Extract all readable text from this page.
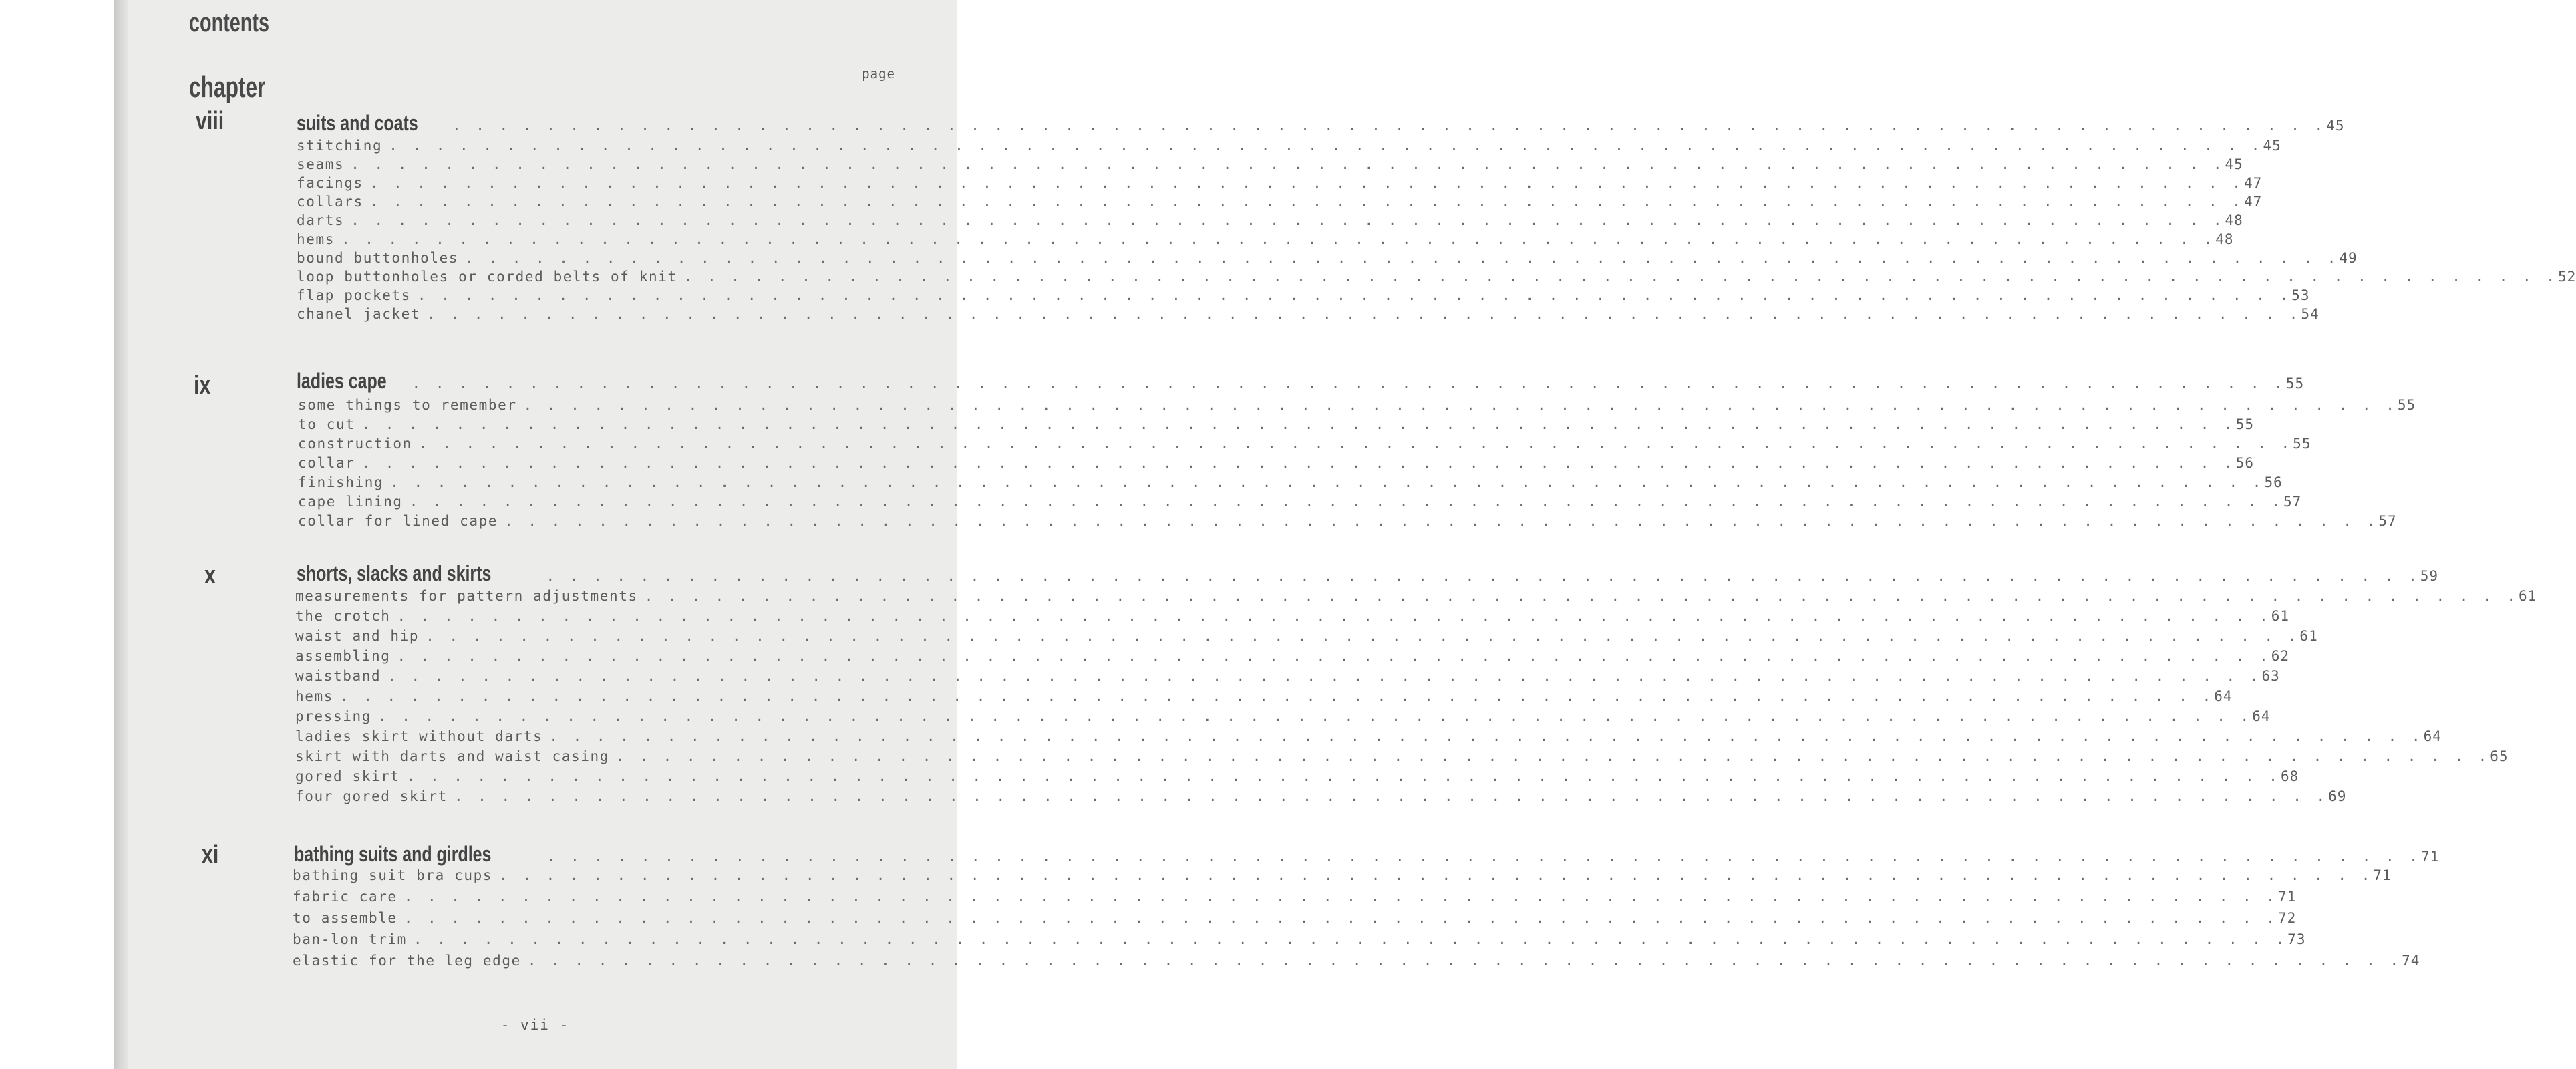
contents
chapter	page
viii	suits and coats . . . . . . . . . . . . . . . . . . . . . . . . . . . . . . . . . . . . . . . . . . . . . . . . . . . . . . . . . . . . . . . . . . . . . . . . . . . . . . . . 45
stitching . . . . . . . . . . . . . . . . . . . . . . . . . . . . . . . . . . . . . . . . . . . . . . . . . . . . . . . . . . . . . . . . . . . . . . . . . . . . . . . . 45
seams . . . . . . . . . . . . . . . . . . . . . . . . . . . . . . . . . . . . . . . . . . . . . . . . . . . . . . . . . . . . . . . . . . . . . . . . . . . . . . . . 45
facings . . . . . . . . . . . . . . . . . . . . . . . . . . . . . . . . . . . . . . . . . . . . . . . . . . . . . . . . . . . . . . . . . . . . . . . . . . . . . . . . 47
collars . . . . . . . . . . . . . . . . . . . . . . . . . . . . . . . . . . . . . . . . . . . . . . . . . . . . . . . . . . . . . . . . . . . . . . . . . . . . . . . . 47
darts . . . . . . . . . . . . . . . . . . . . . . . . . . . . . . . . . . . . . . . . . . . . . . . . . . . . . . . . . . . . . . . . . . . . . . . . . . . . . . . . 48
hems . . . . . . . . . . . . . . . . . . . . . . . . . . . . . . . . . . . . . . . . . . . . . . . . . . . . . . . . . . . . . . . . . . . . . . . . . . . . . . . . 48
bound buttonholes . . . . . . . . . . . . . . . . . . . . . . . . . . . . . . . . . . . . . . . . . . . . . . . . . . . . . . . . . . . . . . . . . . . . . . . . . . . . . . . . 49
loop buttonholes or corded belts of knit . . . . . . . . . . . . . . . . . . . . . . . . . . . . . . . . . . . . . . . . . . . . . . . . . . . . . . . . . . . . . . . . . . . . . . . . . . . . . . . . 52
flap pockets . . . . . . . . . . . . . . . . . . . . . . . . . . . . . . . . . . . . . . . . . . . . . . . . . . . . . . . . . . . . . . . . . . . . . . . . . . . . . . . . 53
chanel jacket . . . . . . . . . . . . . . . . . . . . . . . . . . . . . . . . . . . . . . . . . . . . . . . . . . . . . . . . . . . . . . . . . . . . . . . . . . . . . . . . 54
ix	ladies cape . . . . . . . . . . . . . . . . . . . . . . . . . . . . . . . . . . . . . . . . . . . . . . . . . . . . . . . . . . . . . . . . . . . . . . . . . . . . . . . . 55
some things to remember . . . . . . . . . . . . . . . . . . . . . . . . . . . . . . . . . . . . . . . . . . . . . . . . . . . . . . . . . . . . . . . . . . . . . . . . . . . . . . . . 55
to cut . . . . . . . . . . . . . . . . . . . . . . . . . . . . . . . . . . . . . . . . . . . . . . . . . . . . . . . . . . . . . . . . . . . . . . . . . . . . . . . . 55
construction . . . . . . . . . . . . . . . . . . . . . . . . . . . . . . . . . . . . . . . . . . . . . . . . . . . . . . . . . . . . . . . . . . . . . . . . . . . . . . . . 55
collar . . . . . . . . . . . . . . . . . . . . . . . . . . . . . . . . . . . . . . . . . . . . . . . . . . . . . . . . . . . . . . . . . . . . . . . . . . . . . . . . 56
finishing . . . . . . . . . . . . . . . . . . . . . . . . . . . . . . . . . . . . . . . . . . . . . . . . . . . . . . . . . . . . . . . . . . . . . . . . . . . . . . . . 56
cape lining . . . . . . . . . . . . . . . . . . . . . . . . . . . . . . . . . . . . . . . . . . . . . . . . . . . . . . . . . . . . . . . . . . . . . . . . . . . . . . . . 57
collar for lined cape . . . . . . . . . . . . . . . . . . . . . . . . . . . . . . . . . . . . . . . . . . . . . . . . . . . . . . . . . . . . . . . . . . . . . . . . . . . . . . . . 57
x	shorts, slacks and skirts	. . . . . . . . . . . . . . . . . . . . . . . . . . . . . . . . . . . . . . . . . . . . . . . . . . . . . . . . . . . . . . . . . . . . . . . . . . . . . . . . 59
measurements for pattern adjustments . . . . . . . . . . . . . . . . . . . . . . . . . . . . . . . . . . . . . . . . . . . . . . . . . . . . . . . . . . . . . . . . . . . . . . . . . . . . . . . . 61
the crotch . . . . . . . . . . . . . . . . . . . . . . . . . . . . . . . . . . . . . . . . . . . . . . . . . . . . . . . . . . . . . . . . . . . . . . . . . . . . . . . . 61
waist and hip . . . . . . . . . . . . . . . . . . . . . . . . . . . . . . . . . . . . . . . . . . . . . . . . . . . . . . . . . . . . . . . . . . . . . . . . . . . . . . . . 61
assembling . . . . . . . . . . . . . . . . . . . . . . . . . . . . . . . . . . . . . . . . . . . . . . . . . . . . . . . . . . . . . . . . . . . . . . . . . . . . . . . . 62
waistband . . . . . . . . . . . . . . . . . . . . . . . . . . . . . . . . . . . . . . . . . . . . . . . . . . . . . . . . . . . . . . . . . . . . . . . . . . . . . . . . 63
hems . . . . . . . . . . . . . . . . . . . . . . . . . . . . . . . . . . . . . . . . . . . . . . . . . . . . . . . . . . . . . . . . . . . . . . . . . . . . . . . . 64
pressing . . . . . . . . . . . . . . . . . . . . . . . . . . . . . . . . . . . . . . . . . . . . . . . . . . . . . . . . . . . . . . . . . . . . . . . . . . . . . . . . 64
ladies skirt without darts . . . . . . . . . . . . . . . . . . . . . . . . . . . . . . . . . . . . . . . . . . . . . . . . . . . . . . . . . . . . . . . . . . . . . . . . . . . . . . . . 64
skirt with darts and waist casing . . . . . . . . . . . . . . . . . . . . . . . . . . . . . . . . . . . . . . . . . . . . . . . . . . . . . . . . . . . . . . . . . . . . . . . . . . . . . . . . 65
gored skirt . . . . . . . . . . . . . . . . . . . . . . . . . . . . . . . . . . . . . . . . . . . . . . . . . . . . . . . . . . . . . . . . . . . . . . . . . . . . . . . . 68
four gored skirt . . . . . . . . . . . . . . . . . . . . . . . . . . . . . . . . . . . . . . . . . . . . . . . . . . . . . . . . . . . . . . . . . . . . . . . . . . . . . . . . 69
xi	bathing suits and girdles	. . . . . . . . . . . . . . . . . . . . . . . . . . . . . . . . . . . . . . . . . . . . . . . . . . . . . . . . . . . . . . . . . . . . . . . . . . . . . . . . 71
bathing suit bra cups . . . . . . . . . . . . . . . . . . . . . . . . . . . . . . . . . . . . . . . . . . . . . . . . . . . . . . . . . . . . . . . . . . . . . . . . . . . . . . . . 71
fabric care . . . . . . . . . . . . . . . . . . . . . . . . . . . . . . . . . . . . . . . . . . . . . . . . . . . . . . . . . . . . . . . . . . . . . . . . . . . . . . . . 71
to assemble . . . . . . . . . . . . . . . . . . . . . . . . . . . . . . . . . . . . . . . . . . . . . . . . . . . . . . . . . . . . . . . . . . . . . . . . . . . . . . . . 72
ban-lon trim . . . . . . . . . . . . . . . . . . . . . . . . . . . . . . . . . . . . . . . . . . . . . . . . . . . . . . . . . . . . . . . . . . . . . . . . . . . . . . . . 73
elastic for the leg edge . . . . . . . . . . . . . . . . . . . . . . . . . . . . . . . . . . . . . . . . . . . . . . . . . . . . . . . . . . . . . . . . . . . . . . . . . . . . . . . . 74
- vii -
